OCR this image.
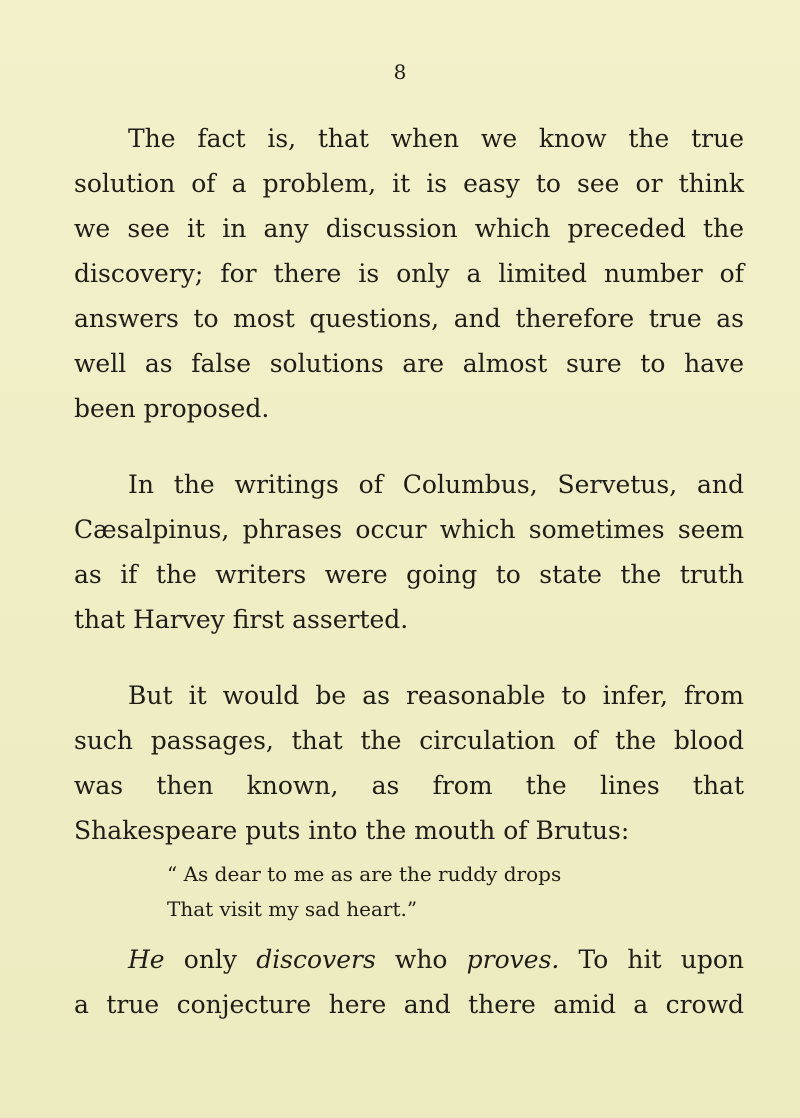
8

The fact is, that when we know the true
solution of a problem, it is easy to see or think
we see it in any discussion which preceded the
discovery; for there is only a limited number of
answers to most questions, and therefore true as
well as false solutions are almost sure to have
been proposed.

In the writings of Columbus, Servetus, and
Cæsalpinus, phrases occur which sometimes seem
as if the writers were going to state the truth
that Harvey first asserted.

But it would be as reasonable to infer, from
such passages, that the circulation of the blood
was then known, as from the lines that
Shakespeare puts into the mouth of Brutus:

“ As dear to me as are the ruddy drops
That visit my sad heart.”

He only discovers who proves. To hit upon
a true conjecture here and there amid a crowd
